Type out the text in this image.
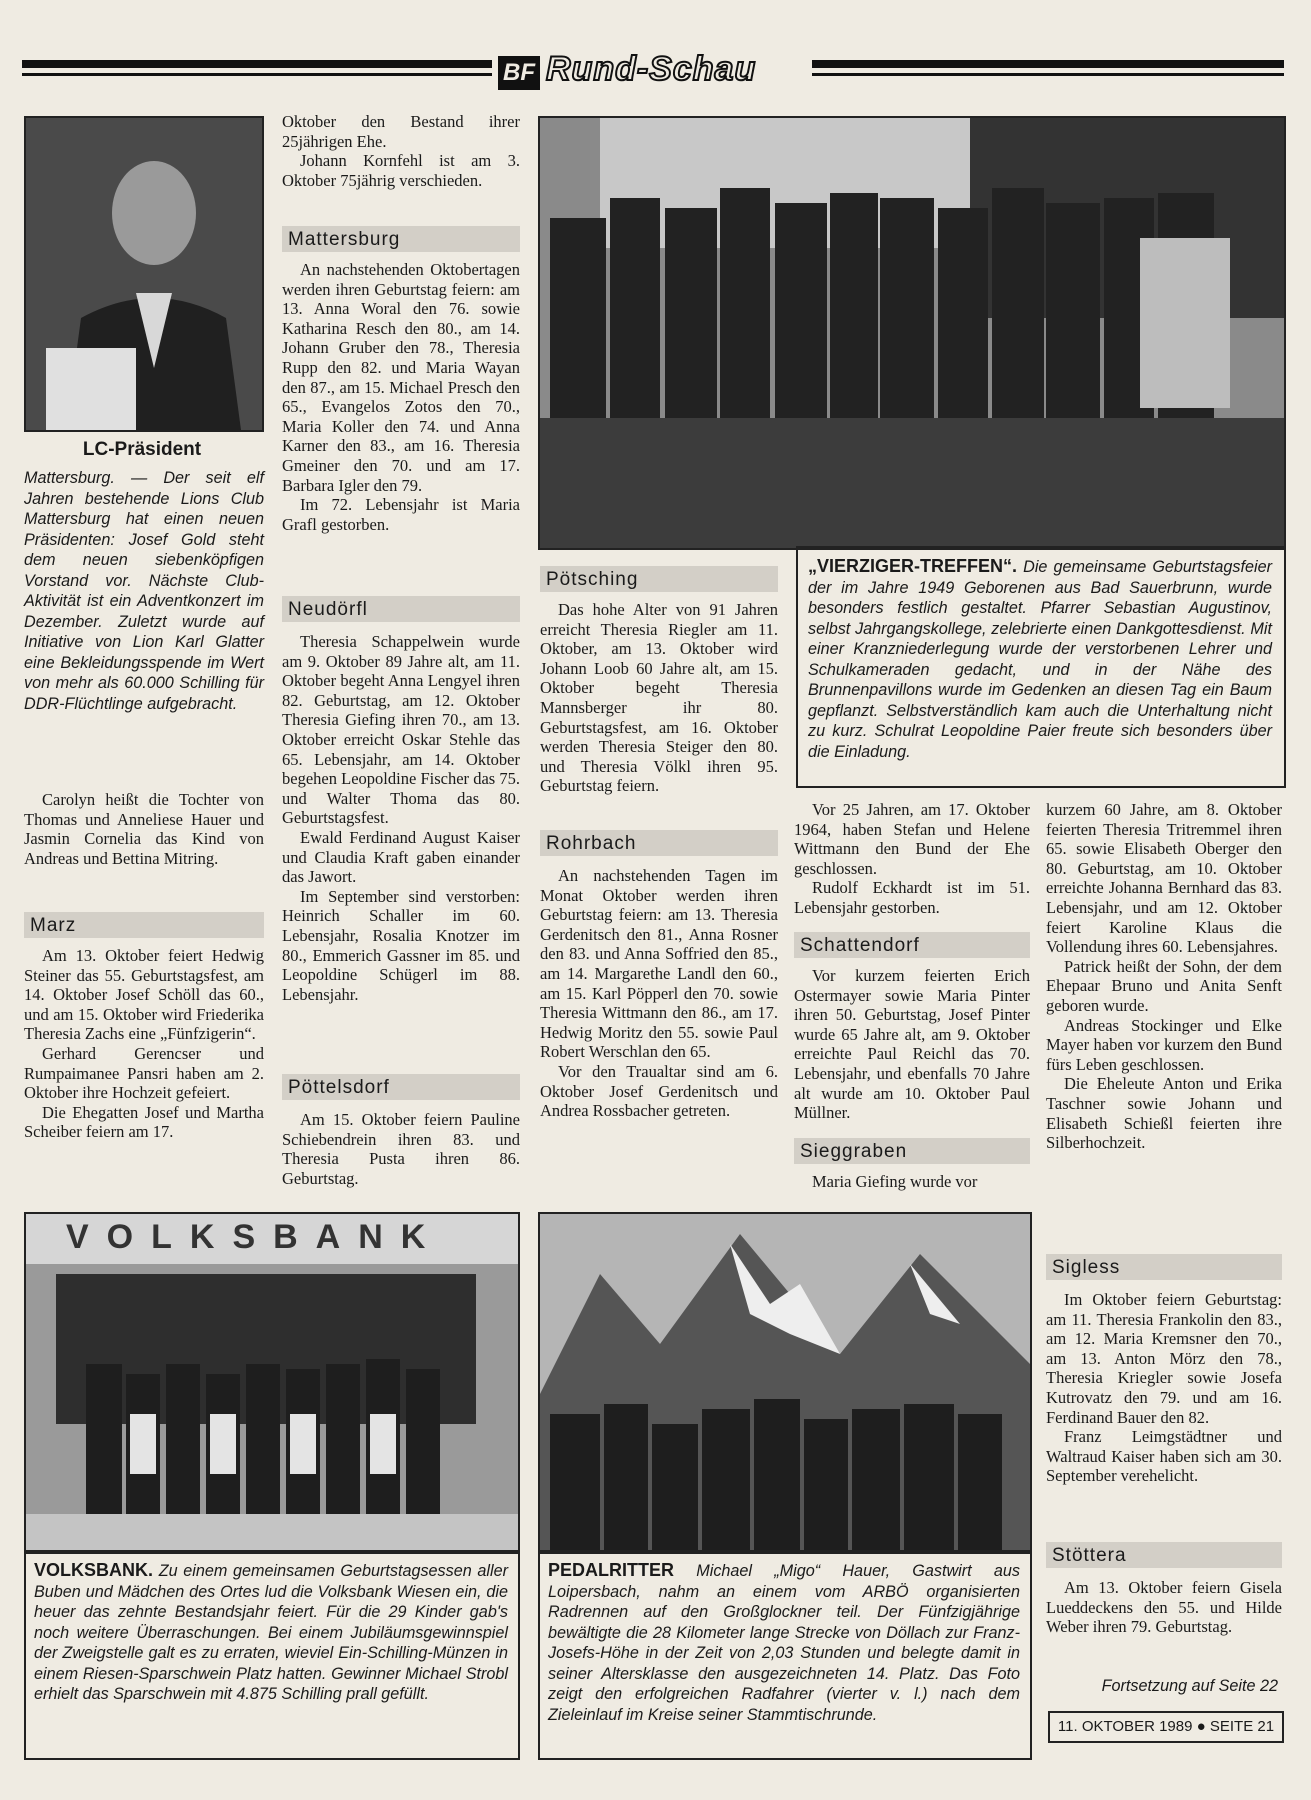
BF Rund-Schau
LC-Präsident
Mattersburg. — Der seit elf Jahren bestehende Lions Club Mattersburg hat einen neuen Präsidenten: Josef Gold steht dem neuen siebenköpfigen Vorstand vor. Nächste Club-Aktivität ist ein Adventkonzert im Dezember. Zuletzt wurde auf Initiative von Lion Karl Glatter eine Bekleidungsspende im Wert von mehr als 60.000 Schilling für DDR-Flüchtlinge aufgebracht.

Carolyn heißt die Tochter von Thomas und Anneliese Hauer und Jasmin Cornelia das Kind von Andreas und Bettina Mitring.

Marz

Am 13. Oktober feiert Hedwig Steiner das 55. Geburtstagsfest, am 14. Oktober Josef Schöll das 60., und am 15. Oktober wird Friederika Theresia Zachs eine „Fünfzigerin“.

Gerhard Gerencser und Rumpaimanee Pansri haben am 2. Oktober ihre Hochzeit gefeiert.

Die Ehegatten Josef und Martha Scheiber feiern am 17.

Oktober den Bestand ihrer 25jährigen Ehe.

Johann Kornfehl ist am 3. Oktober 75jährig verschieden.

Mattersburg

An nachstehenden Oktobertagen werden ihren Geburtstag feiern: am 13. Anna Woral den 76. sowie Katharina Resch den 80., am 14. Johann Gruber den 78., Theresia Rupp den 82. und Maria Wayan den 87., am 15. Michael Presch den 65., Evangelos Zotos den 70., Maria Koller den 74. und Anna Karner den 83., am 16. Theresia Gmeiner den 70. und am 17. Barbara Igler den 79.

Im 72. Lebensjahr ist Maria Grafl gestorben.

Neudörfl

Theresia Schappelwein wurde am 9. Oktober 89 Jahre alt, am 11. Oktober begeht Anna Lengyel ihren 82. Geburtstag, am 12. Oktober Theresia Giefing ihren 70., am 13. Oktober erreicht Oskar Stehle das 65. Lebensjahr, am 14. Oktober begehen Leopoldine Fischer das 75. und Walter Thoma das 80. Geburtstagsfest.

Ewald Ferdinand August Kaiser und Claudia Kraft gaben einander das Jawort.

Im September sind verstorben: Heinrich Schaller im 60. Lebensjahr, Rosalia Knotzer im 80., Emmerich Gassner im 85. und Leopoldine Schügerl im 88. Lebensjahr.

Pöttelsdorf

Am 15. Oktober feiern Pauline Schiebendrein ihren 83. und Theresia Pusta ihren 86. Geburtstag.

„VIERZIGER-TREFFEN“. Die gemeinsame Geburtstagsfeier der im Jahre 1949 Geborenen aus Bad Sauerbrunn, wurde besonders festlich gestaltet. Pfarrer Sebastian Augustinov, selbst Jahrgangskollege, zelebrierte einen Dankgottesdienst. Mit einer Kranzniederlegung wurde der verstorbenen Lehrer und Schulkameraden gedacht, und in der Nähe des Brunnenpavillons wurde im Gedenken an diesen Tag ein Baum gepflanzt. Selbstverständlich kam auch die Unterhaltung nicht zu kurz. Schulrat Leopoldine Paier freute sich besonders über die Einladung.
Pötsching

Das hohe Alter von 91 Jahren erreicht Theresia Riegler am 11. Oktober, am 13. Oktober wird Johann Loob 60 Jahre alt, am 15. Oktober begeht Theresia Mannsberger ihr 80. Geburtstagsfest, am 16. Oktober werden Theresia Steiger den 80. und Theresia Völkl ihren 95. Geburtstag feiern.

Rohrbach

An nachstehenden Tagen im Monat Oktober werden ihren Geburtstag feiern: am 13. Theresia Gerdenitsch den 81., Anna Rosner den 83. und Anna Soffried den 85., am 14. Margarethe Landl den 60., am 15. Karl Pöpperl den 70. sowie Theresia Wittmann den 86., am 17. Hedwig Moritz den 55. sowie Paul Robert Werschlan den 65.

Vor den Traualtar sind am 6. Oktober Josef Gerdenitsch und Andrea Rossbacher getreten.

Vor 25 Jahren, am 17. Oktober 1964, haben Stefan und Helene Wittmann den Bund der Ehe geschlossen.

Rudolf Eckhardt ist im 51. Lebensjahr gestorben.

Schattendorf

Vor kurzem feierten Erich Ostermayer sowie Maria Pinter ihren 50. Geburtstag, Josef Pinter wurde 65 Jahre alt, am 9. Oktober erreichte Paul Reichl das 70. Lebensjahr, und ebenfalls 70 Jahre alt wurde am 10. Oktober Paul Müllner.

Sieggraben

Maria Giefing wurde vor

kurzem 60 Jahre, am 8. Oktober feierten Theresia Tritremmel ihren 65. sowie Elisabeth Oberger den 80. Geburtstag, am 10. Oktober erreichte Johanna Bernhard das 83. Lebensjahr, und am 12. Oktober feiert Karoline Klaus die Vollendung ihres 60. Lebensjahres.

Patrick heißt der Sohn, der dem Ehepaar Bruno und Anita Senft geboren wurde.

Andreas Stockinger und Elke Mayer haben vor kurzem den Bund fürs Leben geschlossen.

Die Eheleute Anton und Erika Taschner sowie Johann und Elisabeth Schießl feierten ihre Silberhochzeit.

Sigless

Im Oktober feiern Geburtstag: am 11. Theresia Frankolin den 83., am 12. Maria Kremsner den 70., am 13. Anton Mörz den 78., Theresia Kriegler sowie Josefa Kutrovatz den 79. und am 16. Ferdinand Bauer den 82.

Franz Leimgstädtner und Waltraud Kaiser haben sich am 30. September verehelicht.

Stöttera

Am 13. Oktober feiern Gisela Lueddeckens den 55. und Hilde Weber ihren 79. Geburtstag.

Fortsetzung auf Seite 22
VOLKSBANK
VOLKSBANK. Zu einem gemeinsamen Geburtstagsessen aller Buben und Mädchen des Ortes lud die Volksbank Wiesen ein, die heuer das zehnte Bestandsjahr feiert. Für die 29 Kinder gab's noch weitere Überraschungen. Bei einem Jubiläumsgewinnspiel der Zweigstelle galt es zu erraten, wieviel Ein-Schilling-Münzen in einem Riesen-Sparschwein Platz hatten. Gewinner Michael Strobl erhielt das Sparschwein mit 4.875 Schilling prall gefüllt.
PEDALRITTER Michael „Migo“ Hauer, Gastwirt aus Loipersbach, nahm an einem vom ARBÖ organisierten Radrennen auf den Großglockner teil. Der Fünfzigjährige bewältigte die 28 Kilometer lange Strecke von Döllach zur Franz-Josefs-Höhe in der Zeit von 2,03 Stunden und belegte damit in seiner Altersklasse den ausgezeichneten 14. Platz. Das Foto zeigt den erfolgreichen Radfahrer (vierter v. l.) nach dem Zieleinlauf im Kreise seiner Stammtischrunde.
11. OKTOBER 1989 ● SEITE 21
